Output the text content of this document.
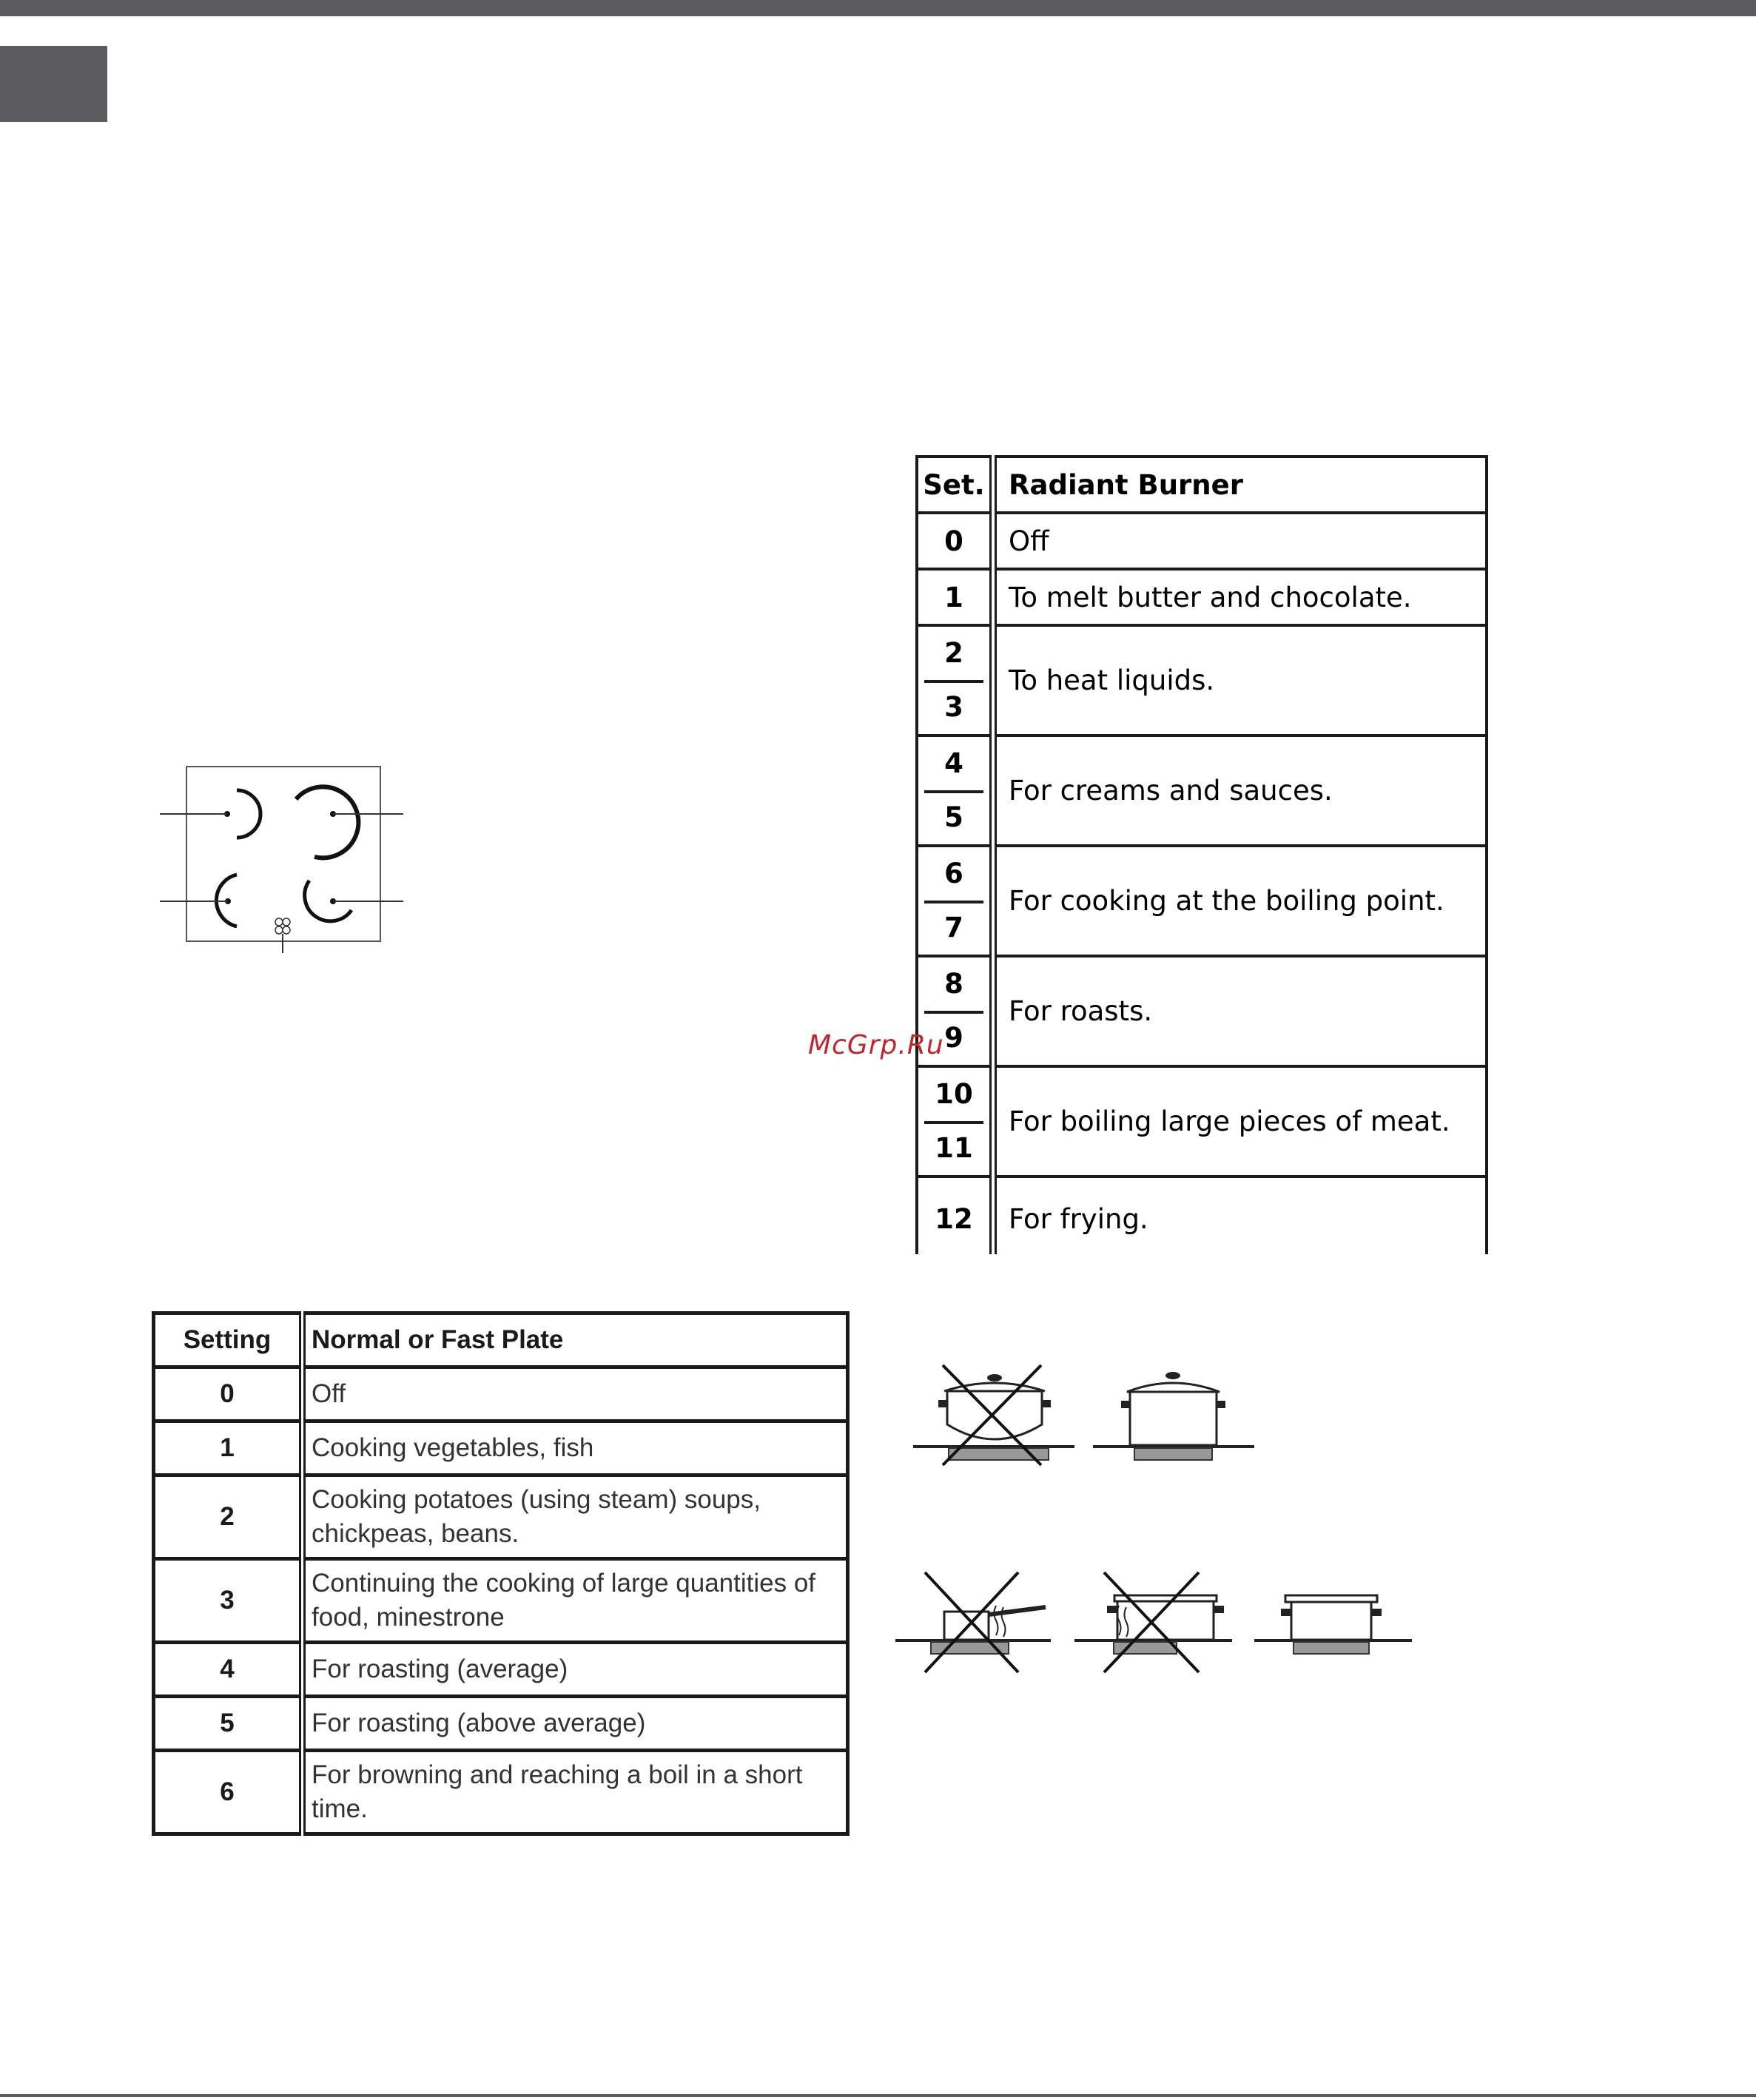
Set.	Radiant Burner
0	Off
1	To melt butter and chocolate.

2
3	To heat liquids.

4
5	For creams and sauces.

6
7	For cooking at the boiling point.

8
9	For roasts.

10
11	For boiling large pieces of meat.
12	For frying.
McGrp.Ru
Setting	Normal or Fast Plate
0	Off
1	Cooking vegetables, fish
2	Cooking potatoes (using steam) soups, chickpeas, beans.
3	Continuing the cooking of large quantities of food, minestrone
4	For roasting (average)
5	For roasting (above average)
6	For browning and reaching a boil in a short time.
